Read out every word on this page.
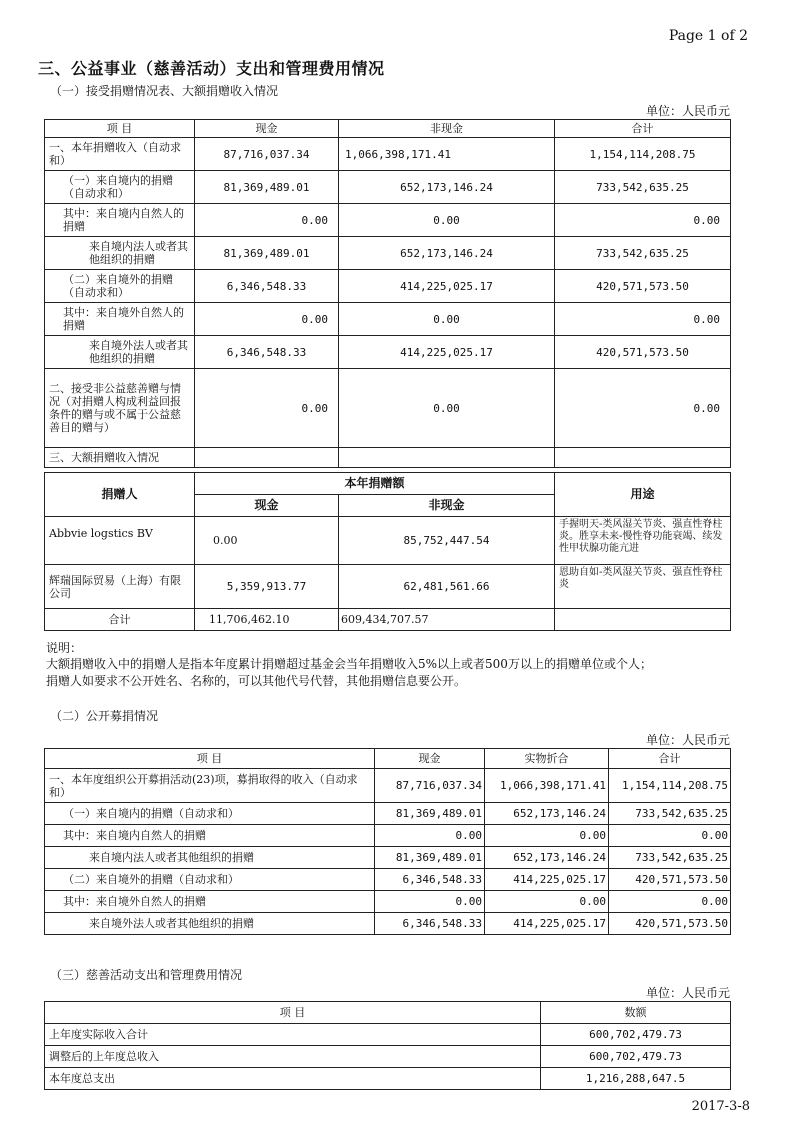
Page 1 of 2
三、公益事业（慈善活动）支出和管理费用情况
（一）接受捐赠情况表、大额捐赠收入情况
单位：人民币元
项 目	现金	非现金	合计
一、本年捐赠收入（自动求和）	87,716,037.34	1,066,398,171.41	1,154,114,208.75
（一）来自境内的捐赠（自动求和）	81,369,489.01	652,173,146.24	733,542,635.25
其中：来自境内自然人的捐赠	0.00	0.00	0.00
来自境内法人或者其他组织的捐赠	81,369,489.01	652,173,146.24	733,542,635.25
（二）来自境外的捐赠（自动求和）	6,346,548.33	414,225,025.17	420,571,573.50
其中：来自境外自然人的捐赠	0.00	0.00	0.00
来自境外法人或者其他组织的捐赠	6,346,548.33	414,225,025.17	420,571,573.50
二、接受非公益慈善赠与情况（对捐赠人构成利益回报条件的赠与或不属于公益慈善目的赠与）	0.00	0.00	0.00
三、大额捐赠收入情况			
捐赠人	本年捐赠额		用途
	现金	非现金	
Abbvie logstics BV	0.00	85,752,447.54	手握明天-类风湿关节炎、强直性脊柱炎。胜享未来-慢性脊功能衰竭、续发性甲状腺功能亢进
辉瑞国际贸易（上海）有限公司	5,359,913.77	62,481,561.66	恩助自如-类风湿关节炎、强直性脊柱炎
合计	11,706,462.10	609,434,707.57	
说明：
大额捐赠收入中的捐赠人是指本年度累计捐赠超过基金会当年捐赠收入5%以上或者500万以上的捐赠单位或个人；
捐赠人如要求不公开姓名、名称的，可以其他代号代替，其他捐赠信息要公开。
（二）公开募捐情况
单位：人民币元
项 目	现金	实物折合	合计
一、本年度组织公开募捐活动(23)项，募捐取得的收入（自动求和）	87,716,037.34	1,066,398,171.41	1,154,114,208.75
（一）来自境内的捐赠（自动求和）	81,369,489.01	652,173,146.24	733,542,635.25
其中：来自境内自然人的捐赠	0.00	0.00	0.00
来自境内法人或者其他组织的捐赠	81,369,489.01	652,173,146.24	733,542,635.25
（二）来自境外的捐赠（自动求和）	6,346,548.33	414,225,025.17	420,571,573.50
其中：来自境外自然人的捐赠	0.00	0.00	0.00
来自境外法人或者其他组织的捐赠	6,346,548.33	414,225,025.17	420,571,573.50
（三）慈善活动支出和管理费用情况
单位：人民币元
项 目	数额
上年度实际收入合计	600,702,479.73
调整后的上年度总收入	600,702,479.73
本年度总支出	1,216,288,647.5
2017-3-8
